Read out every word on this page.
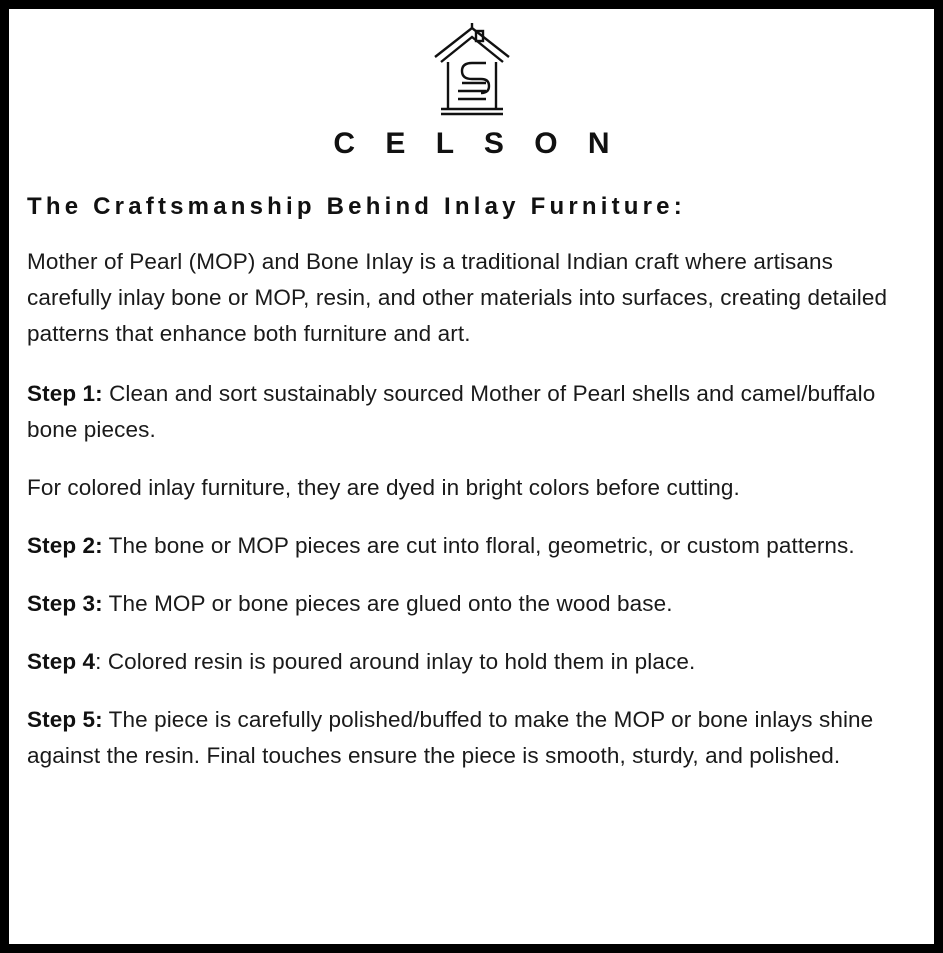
C E L S O N
The Craftsmanship Behind Inlay Furniture:

Mother of Pearl (MOP) and Bone Inlay is a traditional Indian craft where artisans carefully inlay bone or MOP, resin, and other materials into surfaces, creating detailed patterns that enhance both furniture and art.

Step 1: Clean and sort sustainably sourced Mother of Pearl shells and camel/buffalo bone pieces.

For colored inlay furniture, they are dyed in bright colors before cutting.

Step 2: The bone or MOP pieces are cut into floral, geometric, or custom patterns.

Step 3: The MOP or bone pieces are glued onto the wood base.

Step 4: Colored resin is poured around inlay to hold them in place.

Step 5: The piece is carefully polished/buffed to make the MOP or bone inlays shine against the resin. Final touches ensure the piece is smooth, sturdy, and polished.
